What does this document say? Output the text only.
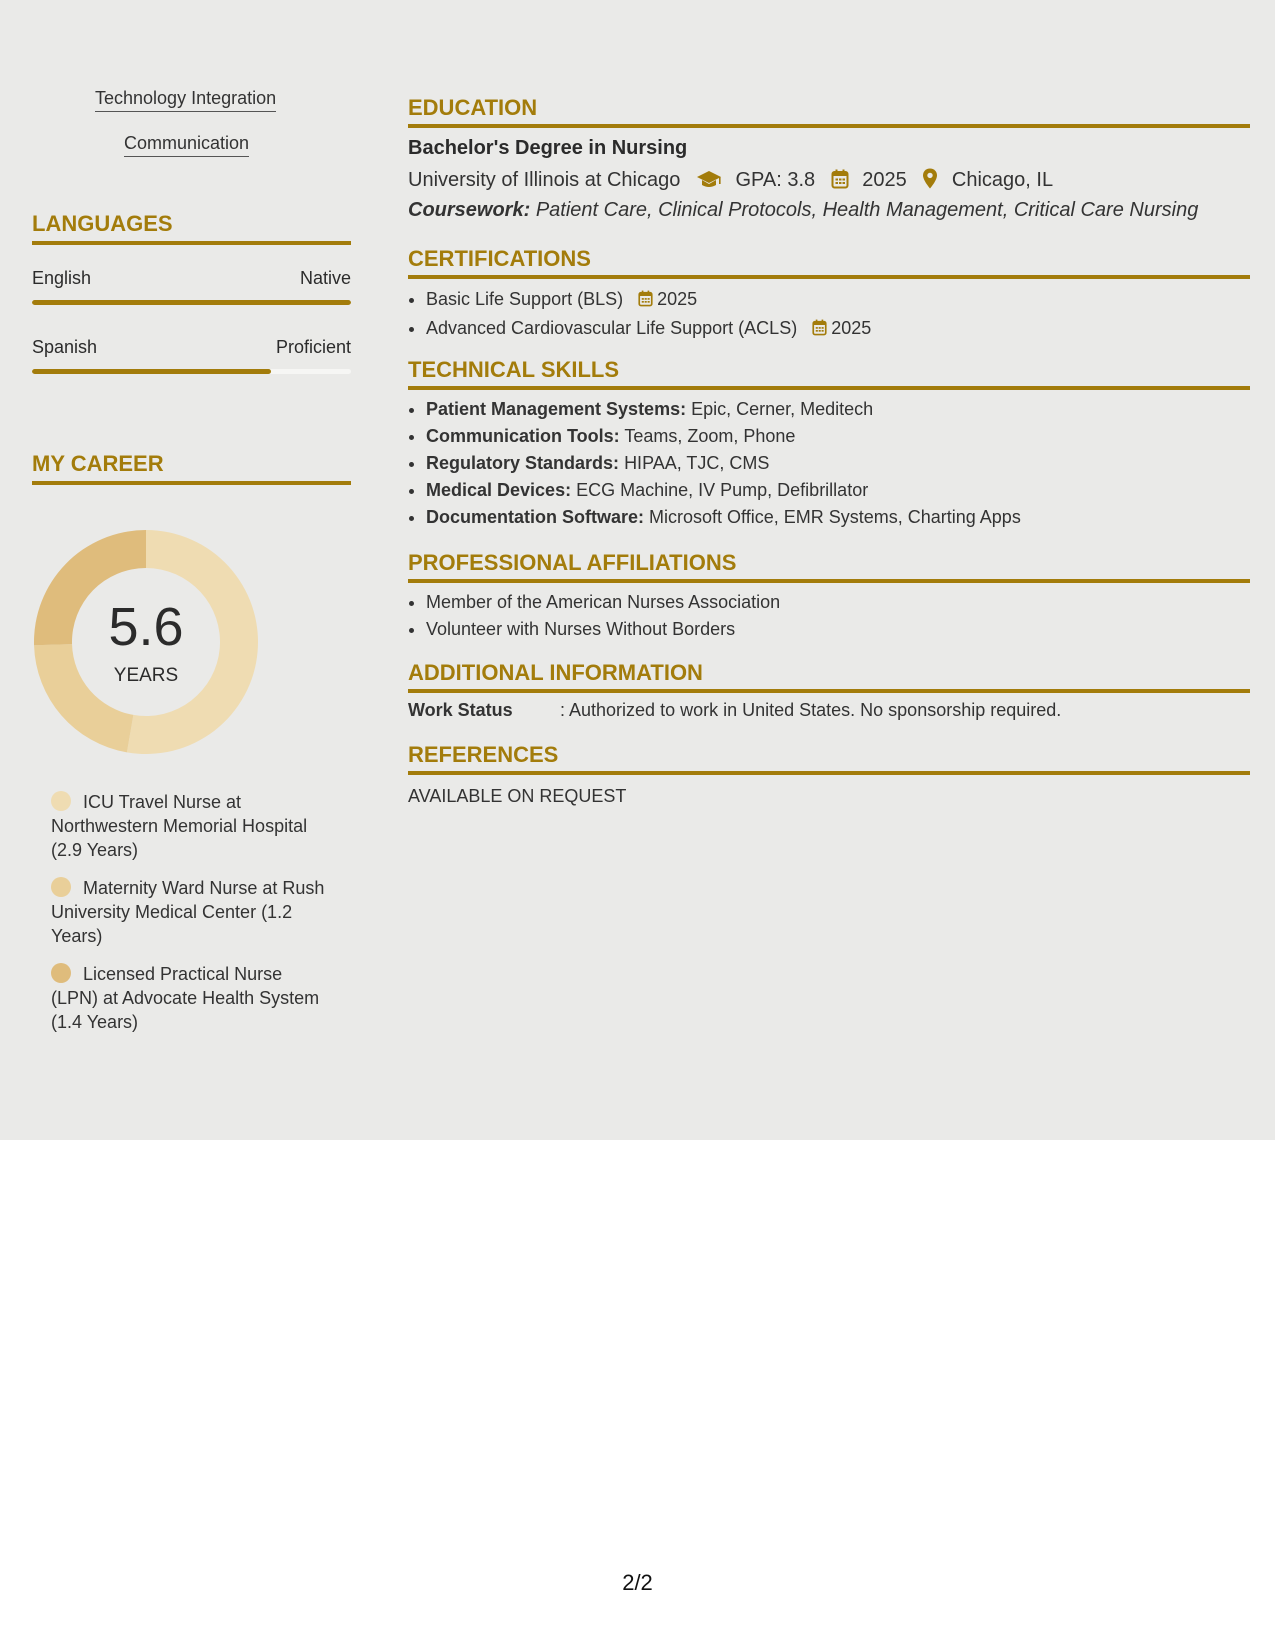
Technology Integration
Communication
LANGUAGES
English	Native
Spanish	Proficient
MY CAREER
5.6
YEARS
ICU Travel Nurse at Northwestern Memorial Hospital (2.9 Years)
Maternity Ward Nurse at Rush University Medical Center (1.2 Years)
Licensed Practical Nurse (LPN) at Advocate Health System (1.4 Years)
EDUCATION
Bachelor's Degree in Nursing
University of Illinois at Chicago	GPA: 3.8 2025 Chicago, IL
Coursework: Patient Care, Clinical Protocols, Health Management, Critical Care Nursing
CERTIFICATIONS
• Basic Life Support (BLS) 2025
• Advanced Cardiovascular Life Support (ACLS) 2025
TECHNICAL SKILLS
• Patient Management Systems: Epic, Cerner, Meditech
• Communication Tools: Teams, Zoom, Phone
• Regulatory Standards: HIPAA, TJC, CMS
• Medical Devices: ECG Machine, IV Pump, Defibrillator
• Documentation Software: Microsoft Office, EMR Systems, Charting Apps
PROFESSIONAL AFFILIATIONS
• Member of the American Nurses Association
• Volunteer with Nurses Without Borders
ADDITIONAL INFORMATION
Work Status	: Authorized to work in United States. No sponsorship required.
REFERENCES
AVAILABLE ON REQUEST
2/2
